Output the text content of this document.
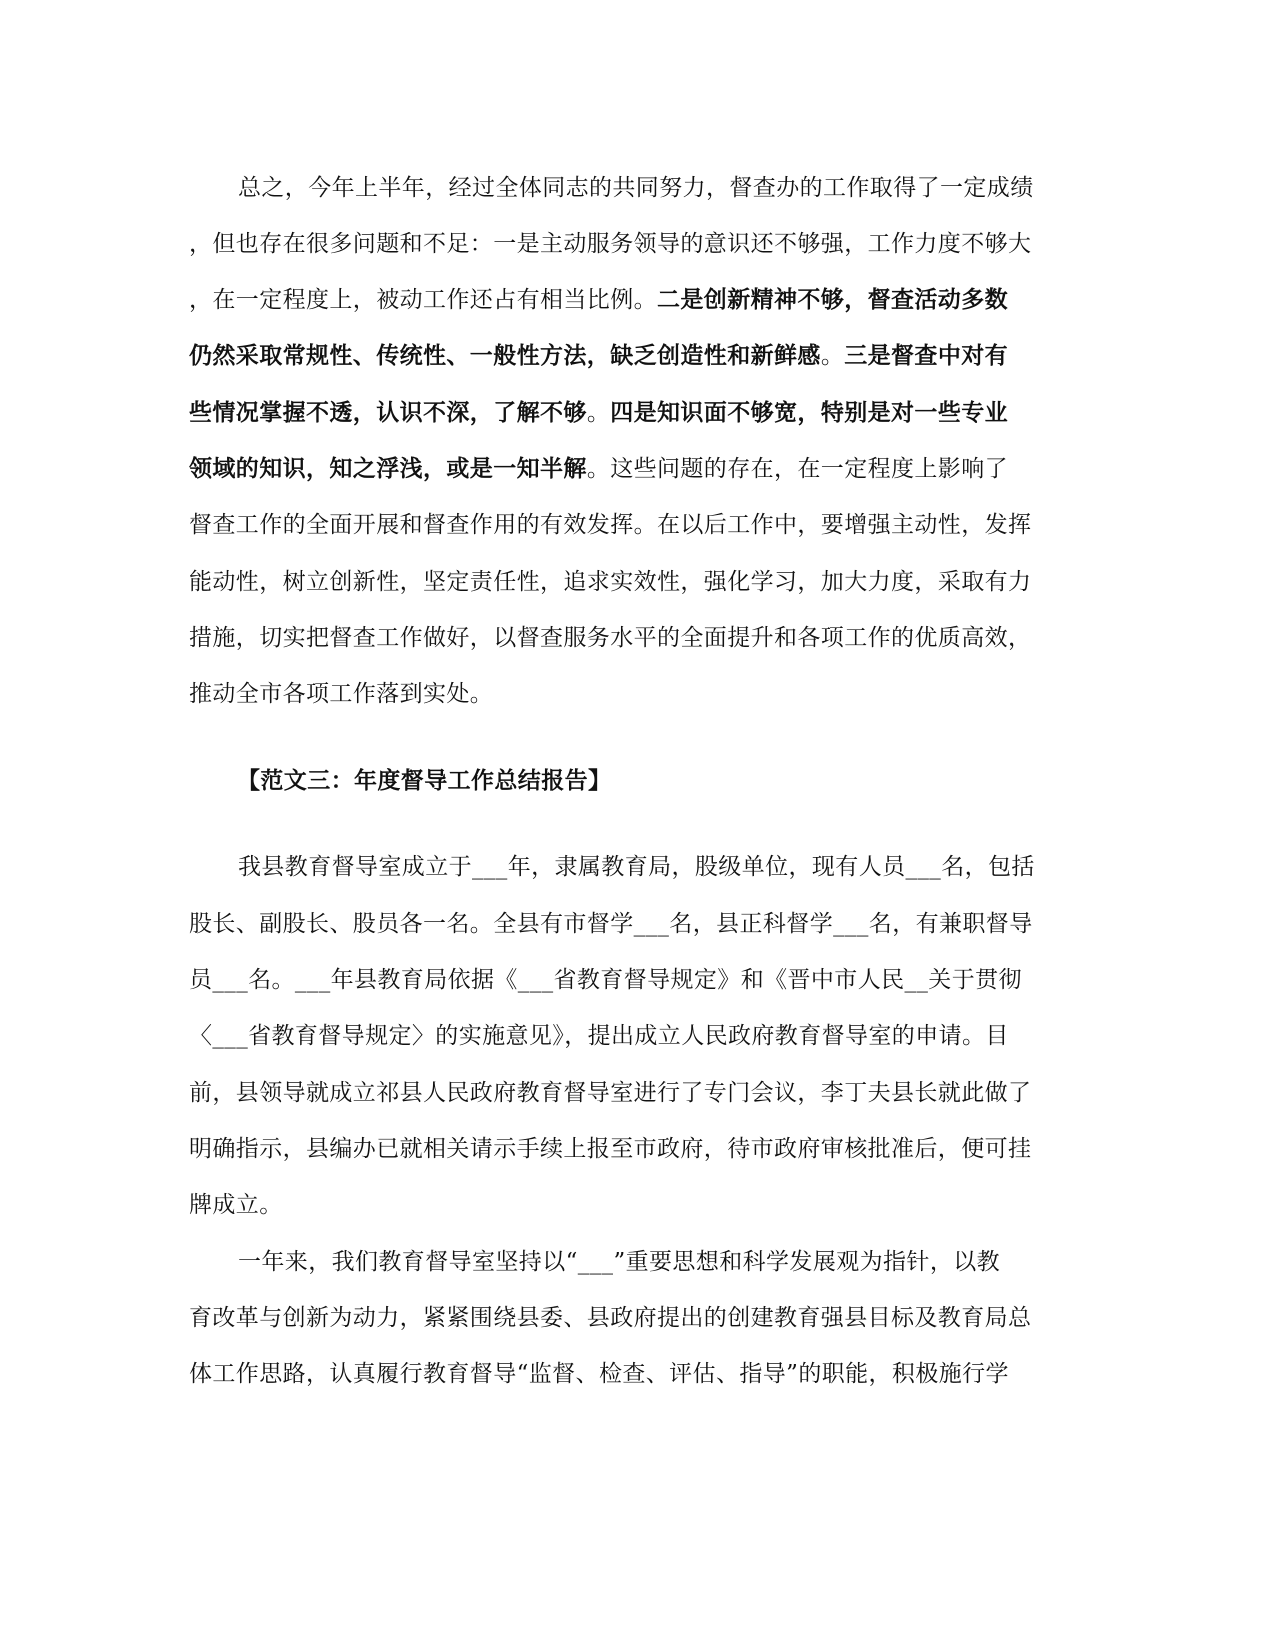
总之，今年上半年，经过全体同志的共同努力，督查办的工作取得了一定成绩
，但也存在很多问题和不足：一是主动服务领导的意识还不够强，工作力度不够大
，在一定程度上，被动工作还占有相当比例。二是创新精神不够，督查活动多数
仍然采取常规性、传统性、一般性方法，缺乏创造性和新鲜感。三是督查中对有
些情况掌握不透，认识不深，了解不够。四是知识面不够宽，特别是对一些专业
领域的知识，知之浮浅，或是一知半解。这些问题的存在，在一定程度上影响了
督查工作的全面开展和督查作用的有效发挥。在以后工作中，要增强主动性，发挥
能动性，树立创新性，坚定责任性，追求实效性，强化学习，加大力度，采取有力
措施，切实把督查工作做好，以督查服务水平的全面提升和各项工作的优质高效，
推动全市各项工作落到实处。
【范文三：年度督导工作总结报告】
我县教育督导室成立于___年，隶属教育局，股级单位，现有人员___名，包括
股长、副股长、股员各一名。全县有市督学___名，县正科督学___名，有兼职督导
员___名。___年县教育局依据《___省教育督导规定》和《晋中市人民__关于贯彻
〈___省教育督导规定〉的实施意见》，提出成立人民政府教育督导室的申请。目
前，县领导就成立祁县人民政府教育督导室进行了专门会议，李丁夫县长就此做了
明确指示，县编办已就相关请示手续上报至市政府，待市政府审核批准后，便可挂
牌成立。
一年来，我们教育督导室坚持以“___”重要思想和科学发展观为指针，以教
育改革与创新为动力，紧紧围绕县委、县政府提出的创建教育强县目标及教育局总
体工作思路，认真履行教育督导“监督、检查、评估、指导”的职能，积极施行学
